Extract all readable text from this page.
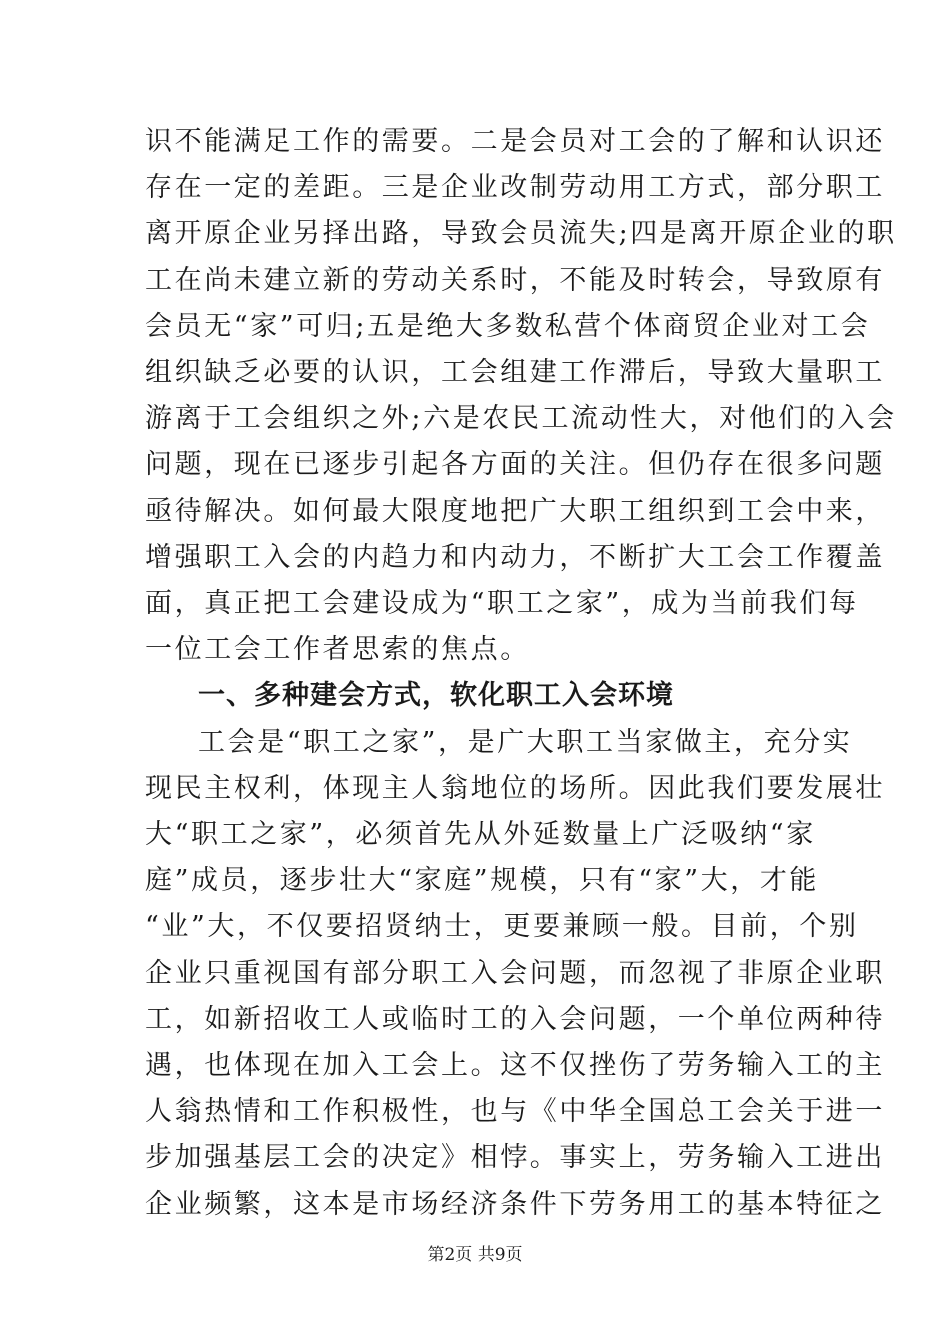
识不能满足工作的需要。二是会员对工会的了解和认识还
存在一定的差距。三是企业改制劳动用工方式，部分职工
离开原企业另择出路，导致会员流失;四是离开原企业的职
工在尚未建立新的劳动关系时，不能及时转会，导致原有
会员无“家”可归;五是绝大多数私营个体商贸企业对工会
组织缺乏必要的认识，工会组建工作滞后，导致大量职工
游离于工会组织之外;六是农民工流动性大，对他们的入会
问题，现在已逐步引起各方面的关注。但仍存在很多问题
亟待解决。如何最大限度地把广大职工组织到工会中来，
增强职工入会的内趋力和内动力，不断扩大工会工作覆盖
面，真正把工会建设成为“职工之家”，成为当前我们每
一位工会工作者思索的焦点。
一、多种建会方式，软化职工入会环境
工会是“职工之家”，是广大职工当家做主，充分实
现民主权利，体现主人翁地位的场所。因此我们要发展壮
大“职工之家”，必须首先从外延数量上广泛吸纳“家
庭”成员，逐步壮大“家庭”规模，只有“家”大，才能
“业”大，不仅要招贤纳士，更要兼顾一般。目前，个别
企业只重视国有部分职工入会问题，而忽视了非原企业职
工，如新招收工人或临时工的入会问题，一个单位两种待
遇，也体现在加入工会上。这不仅挫伤了劳务输入工的主
人翁热情和工作积极性，也与《中华全国总工会关于进一
步加强基层工会的决定》相悖。事实上，劳务输入工进出
企业频繁，这本是市场经济条件下劳务用工的基本特征之
第2页 共9页
